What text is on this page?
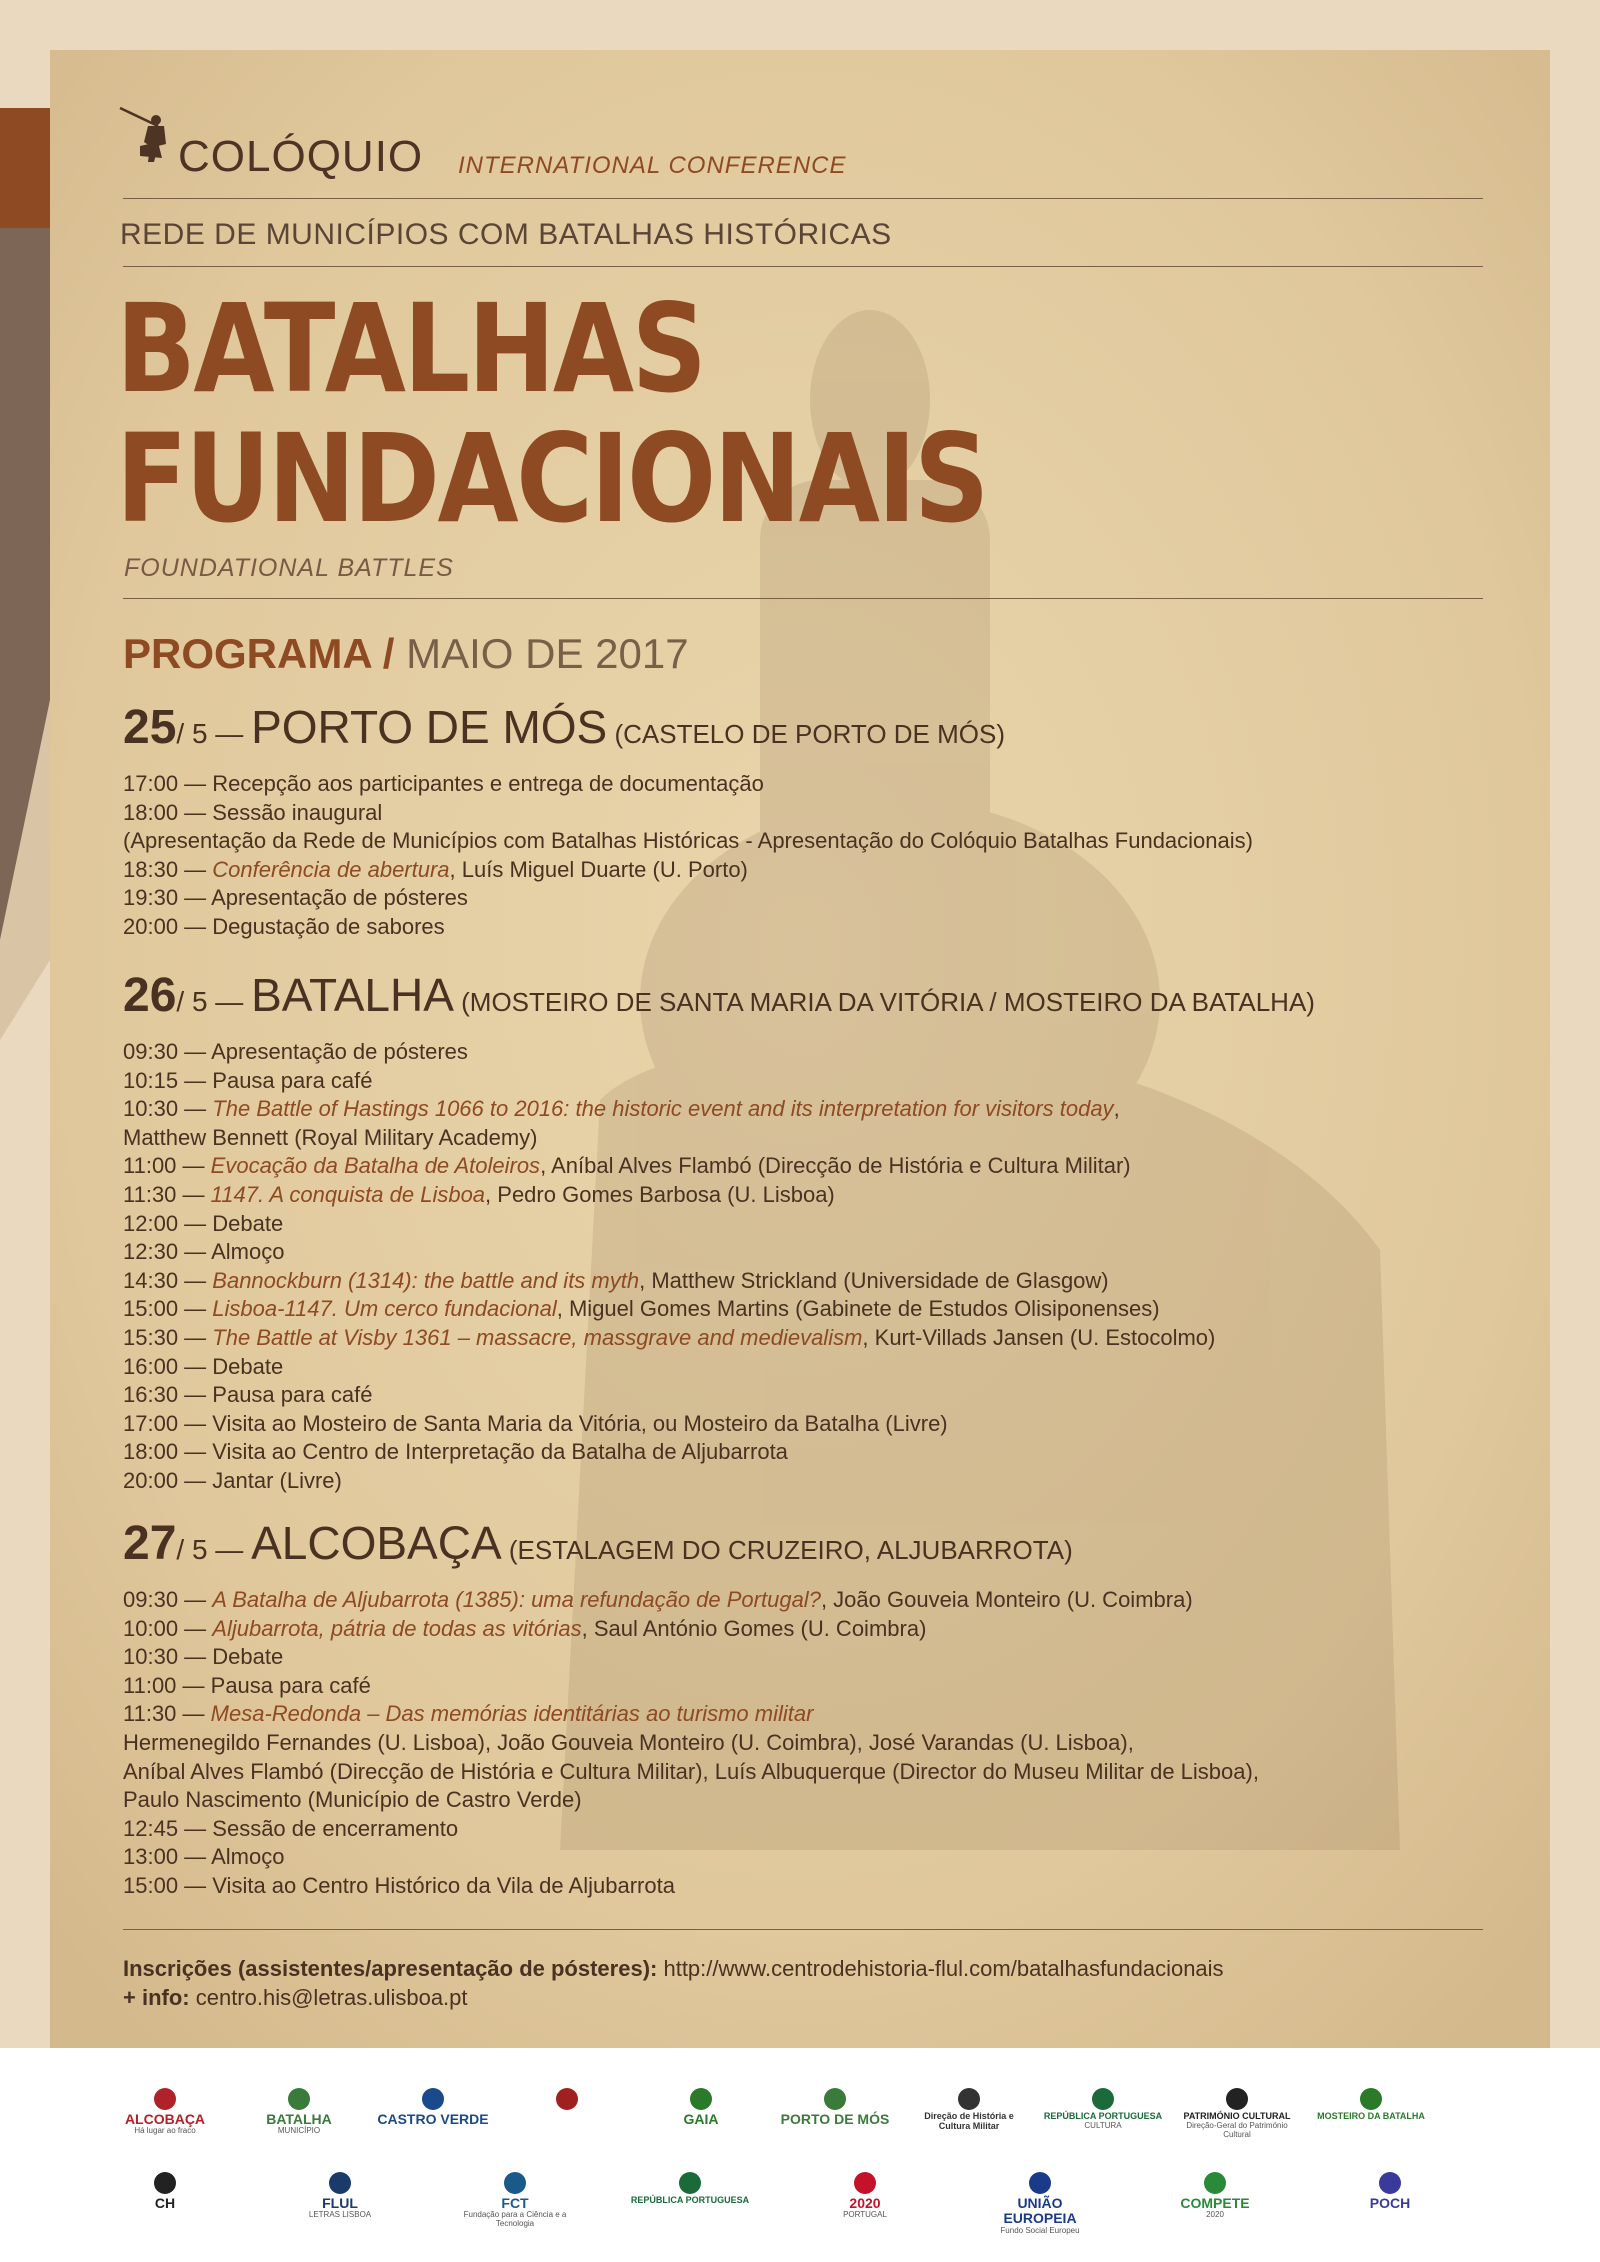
COLÓQUIO INTERNATIONAL CONFERENCE
REDE DE MUNICÍPIOS COM BATALHAS HISTÓRICAS
BATALHAS
FUNDACIONAIS
FOUNDATIONAL BATTLES
PROGRAMA / MAIO DE 2017
25/ 5 — PORTO DE MÓS (CASTELO DE PORTO DE MÓS)
17:00 — Recepção aos participantes e entrega de documentação
18:00 — Sessão inaugural
(Apresentação da Rede de Municípios com Batalhas Históricas - Apresentação do Colóquio Batalhas Fundacionais)
18:30 — Conferência de abertura, Luís Miguel Duarte (U. Porto)
19:30 — Apresentação de pósteres
20:00 — Degustação de sabores
26/ 5 — BATALHA (MOSTEIRO DE SANTA MARIA DA VITÓRIA / MOSTEIRO DA BATALHA)
09:30 — Apresentação de pósteres
10:15 — Pausa para café
10:30 — The Battle of Hastings 1066 to 2016: the historic event and its interpretation for visitors today,
Matthew Bennett (Royal Military Academy)
11:00 — Evocação da Batalha de Atoleiros, Aníbal Alves Flambó (Direcção de História e Cultura Militar)
11:30 — 1147. A conquista de Lisboa, Pedro Gomes Barbosa (U. Lisboa)
12:00 — Debate
12:30 — Almoço
14:30 — Bannockburn (1314): the battle and its myth, Matthew Strickland (Universidade de Glasgow)
15:00 — Lisboa-1147. Um cerco fundacional, Miguel Gomes Martins (Gabinete de Estudos Olisiponenses)
15:30 — The Battle at Visby 1361 – massacre, massgrave and medievalism, Kurt-Villads Jansen (U. Estocolmo)
16:00 — Debate
16:30 — Pausa para café
17:00 — Visita ao Mosteiro de Santa Maria da Vitória, ou Mosteiro da Batalha (Livre)
18:00 — Visita ao Centro de Interpretação da Batalha de Aljubarrota
20:00 — Jantar (Livre)
27/ 5 — ALCOBAÇA (ESTALAGEM DO CRUZEIRO, ALJUBARROTA)
09:30 — A Batalha de Aljubarrota (1385): uma refundação de Portugal?, João Gouveia Monteiro (U. Coimbra)
10:00 — Aljubarrota, pátria de todas as vitórias, Saul António Gomes (U. Coimbra)
10:30 — Debate
11:00 — Pausa para café
11:30 — Mesa-Redonda – Das memórias identitárias ao turismo militar
Hermenegildo Fernandes (U. Lisboa), João Gouveia Monteiro (U. Coimbra), José Varandas (U. Lisboa),
Aníbal Alves Flambó (Direcção de História e Cultura Militar), Luís Albuquerque (Director do Museu Militar de Lisboa),
Paulo Nascimento (Município de Castro Verde)
12:45 — Sessão de encerramento
13:00 — Almoço
15:00 — Visita ao Centro Histórico da Vila de Aljubarrota
Inscrições (assistentes/apresentação de pósteres): http://www.centrodehistoria-flul.com/batalhasfundacionais
+ info: centro.his@letras.ulisboa.pt
ALCOBAÇA
Há lugar ao fraco
BATALHA
MUNICÍPIO
CASTRO VERDE	GAIA	PORTO DE MÓS	Direção de História e Cultura Militar
REPÚBLICA PORTUGUESA
CULTURA
PATRIMÓNIO CULTURAL
Direção-Geral do Património Cultural
MOSTEIRO DA BATALHA
CH	FLUL
LETRAS LISBOA
FCT
Fundação para a Ciência e a Tecnologia
REPÚBLICA PORTUGUESA	2020
PORTUGAL
UNIÃO EUROPEIA
Fundo Social Europeu
COMPETE
2020
POCH
